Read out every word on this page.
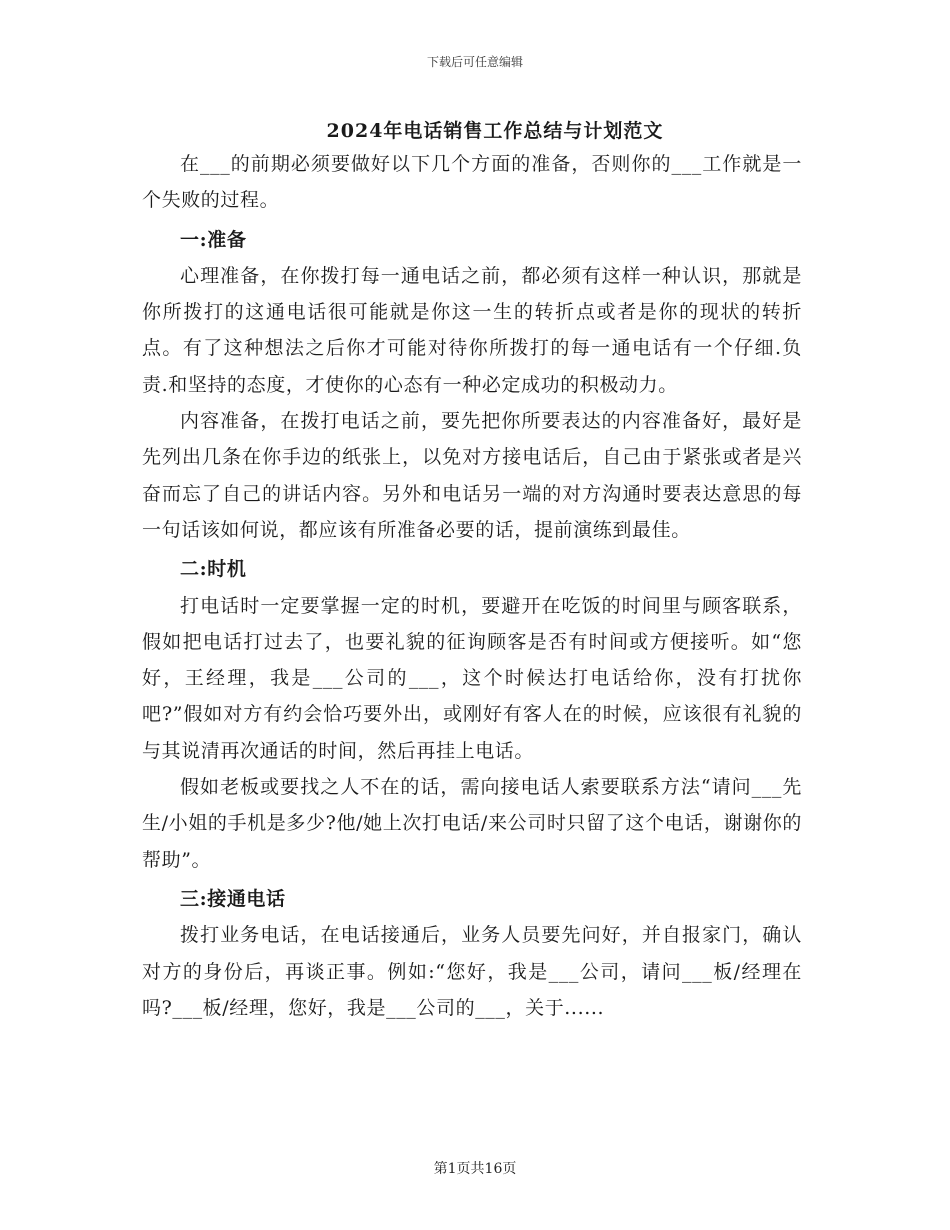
下载后可任意编辑
2024年电话销售工作总结与计划范文

在___的前期必须要做好以下几个方面的准备，否则你的___工作就是一个失败的过程。

一:准备

心理准备，在你拨打每一通电话之前，都必须有这样一种认识，那就是你所拨打的这通电话很可能就是你这一生的转折点或者是你的现状的转折点。有了这种想法之后你才可能对待你所拨打的每一通电话有一个仔细.负责.和坚持的态度，才使你的心态有一种必定成功的积极动力。

内容准备，在拨打电话之前，要先把你所要表达的内容准备好，最好是先列出几条在你手边的纸张上，以免对方接电话后，自己由于紧张或者是兴奋而忘了自己的讲话内容。另外和电话另一端的对方沟通时要表达意思的每一句话该如何说，都应该有所准备必要的话，提前演练到最佳。

二:时机

打电话时一定要掌握一定的时机，要避开在吃饭的时间里与顾客联系，假如把电话打过去了，也要礼貌的征询顾客是否有时间或方便接听。如“您好，王经理，我是___公司的___，这个时候达打电话给你，没有打扰你吧?”假如对方有约会恰巧要外出，或刚好有客人在的时候，应该很有礼貌的与其说清再次通话的时间，然后再挂上电话。

假如老板或要找之人不在的话，需向接电话人索要联系方法“请问___先生/小姐的手机是多少?他/她上次打电话/来公司时只留了这个电话，谢谢你的帮助”。

三:接通电话

拨打业务电话，在电话接通后，业务人员要先问好，并自报家门，确认对方的身份后，再谈正事。例如:“您好，我是___公司，请问___板/经理在吗?___板/经理，您好，我是___公司的___，关于......

第1页共16页
